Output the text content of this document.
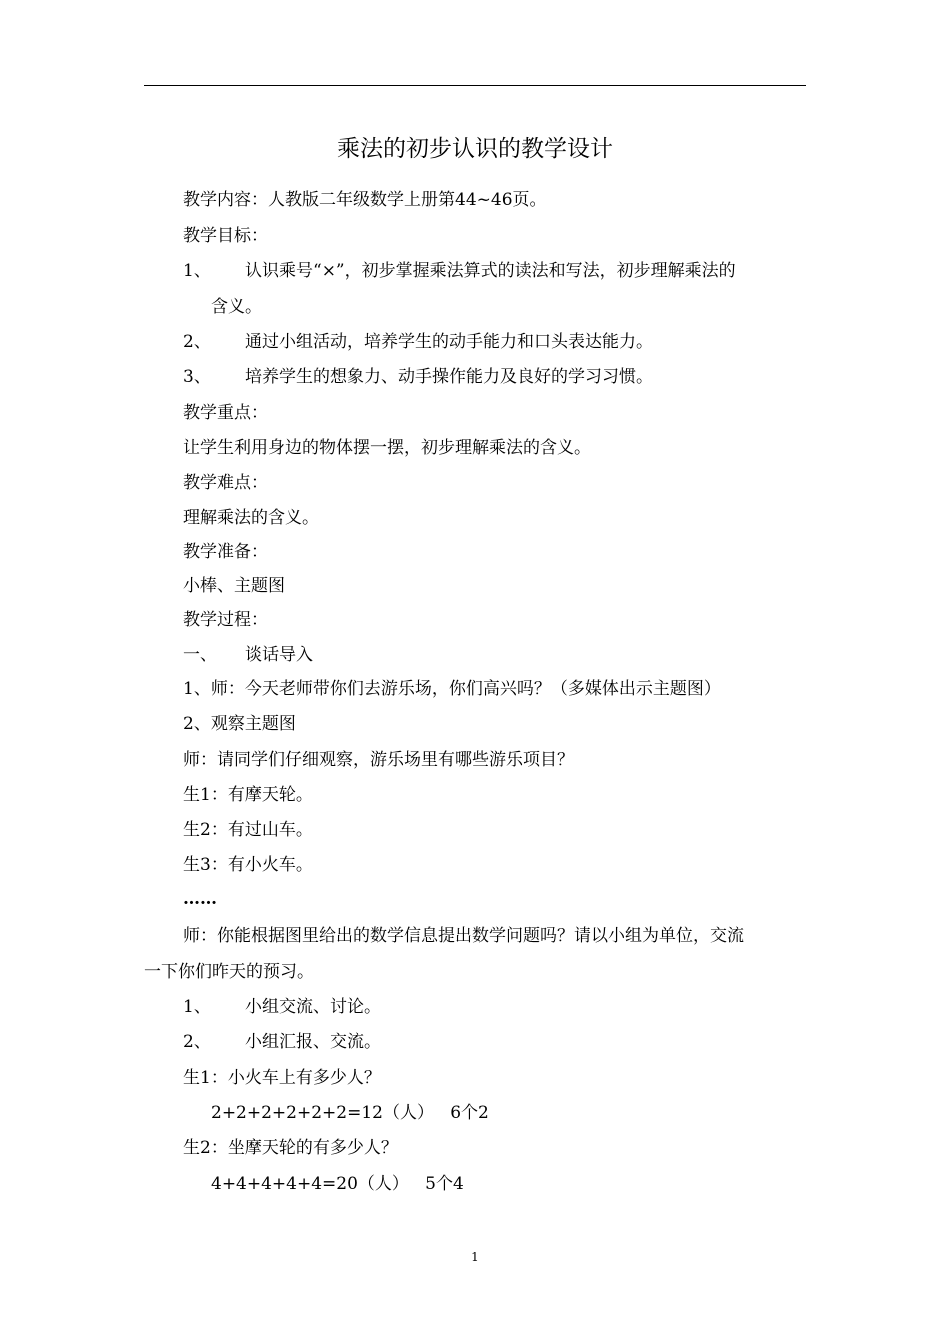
乘法的初步认识的教学设计
教学内容：人教版二年级数学上册第44~46页。
教学目标：
1、 认识乘号“×”，初步掌握乘法算式的读法和写法，初步理解乘法的
含义。
2、 通过小组活动，培养学生的动手能力和口头表达能力。
3、 培养学生的想象力、动手操作能力及良好的学习习惯。
教学重点：
让学生利用身边的物体摆一摆，初步理解乘法的含义。
教学难点：
理解乘法的含义。
教学准备：
小棒、主题图
教学过程：
一、 谈话导入
1、师：今天老师带你们去游乐场，你们高兴吗？（多媒体出示主题图）
2、观察主题图
师：请同学们仔细观察，游乐场里有哪些游乐项目？
生1：有摩天轮。
生2：有过山车。
生3：有小火车。
……
师：你能根据图里给出的数学信息提出数学问题吗？请以小组为单位，交流
一下你们昨天的预习。
1、 小组交流、讨论。
2、 小组汇报、交流。
生1：小火车上有多少人？
2+2+2+2+2+2=12（人）   6个2
生2：坐摩天轮的有多少人？
4+4+4+4+4=20（人）   5个4
1
